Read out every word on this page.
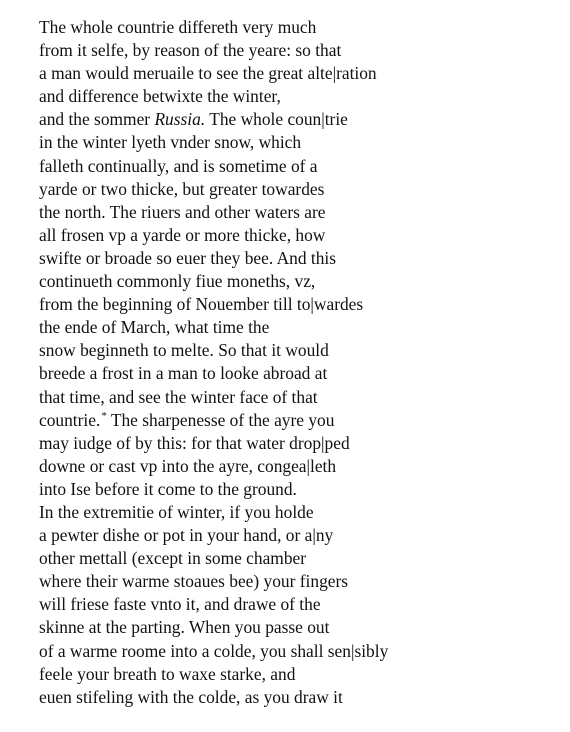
The whole countrie differeth very much
from it selfe, by reason of the yeare: so that
a man would meruaile to see the great alte|ration
and difference betwixte the winter,
and the sommer Russia. The whole coun|trie
in the winter lyeth vnder snow, which
falleth continually, and is sometime of a
yarde or two thicke, but greater towardes
the north. The riuers and other waters are
all frosen vp a yarde or more thicke, how
swifte or broade so euer they bee. And this
continueth commonly fiue moneths, vz,
from the beginning of Nouember till to|wardes
the ende of March, what time the
snow beginneth to melte. So that it would
breede a frost in a man to looke abroad at
that time, and see the winter face of that
countrie.* The sharpenesse of the ayre you
may iudge of by this: for that water drop|ped
downe or cast vp into the ayre, congea|leth
into Ise before it come to the ground.
In the extremitie of winter, if you holde
a pewter dishe or pot in your hand, or a|ny
other mettall (except in some chamber
where their warme stoaues bee) your fingers
will friese faste vnto it, and drawe of the
skinne at the parting. When you passe out
of a warme roome into a colde, you shall sen|sibly
feele your breath to waxe starke, and
euen stifeling with the colde, as you draw it
